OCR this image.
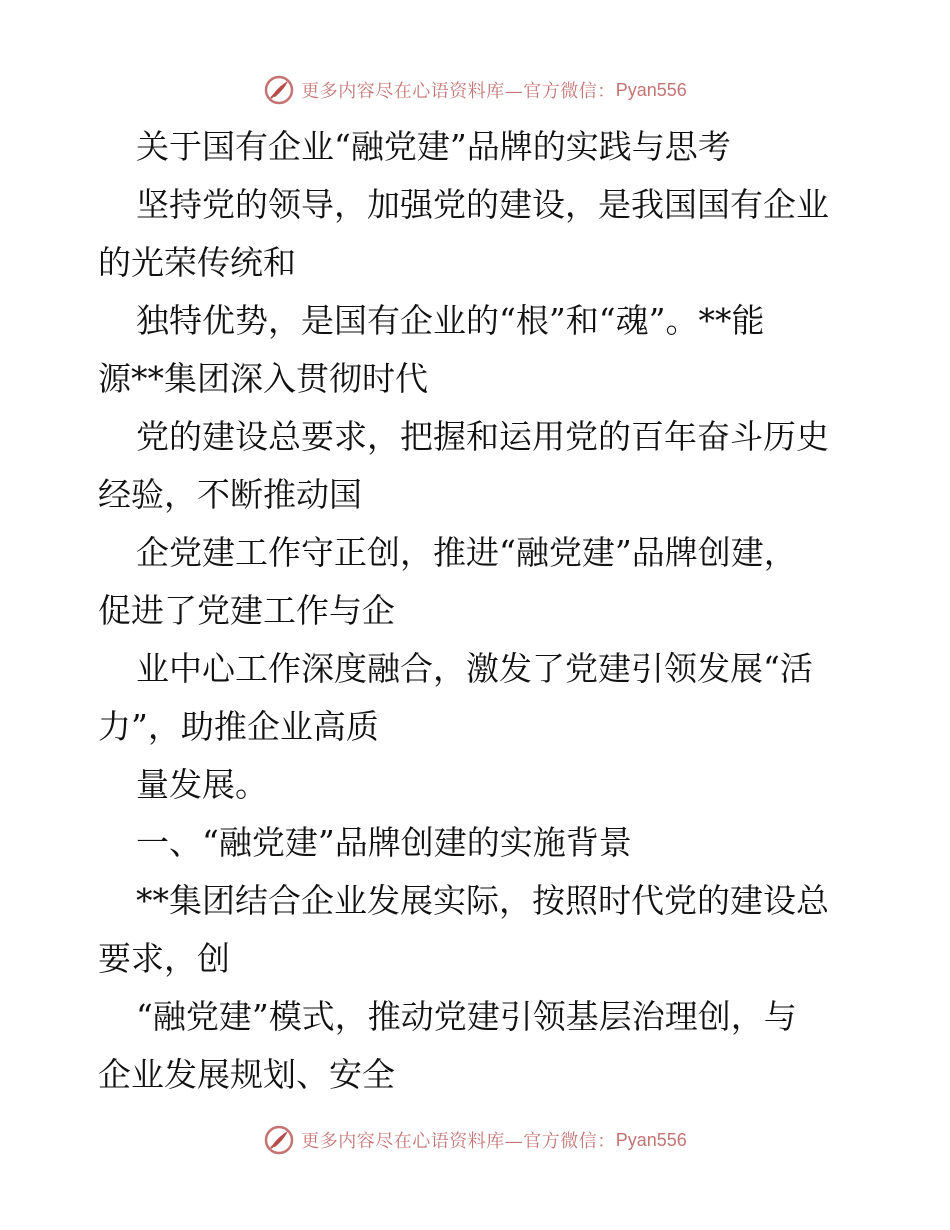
更多内容尽在心语资料库—官方微信： Pyan556
关于国有企业“融党建”品牌的实践与思考
坚持党的领导，加强党的建设，是我国国有企业
的光荣传统和
独特优势，是国有企业的“根”和“魂”。**能
源**集团深入贯彻时代
党的建设总要求，把握和运用党的百年奋斗历史
经验，不断推动国
企党建工作守正创，推进“融党建”品牌创建，
促进了党建工作与企
业中心工作深度融合，激发了党建引领发展“活
力”，助推企业高质
量发展。
一、“融党建”品牌创建的实施背景
**集团结合企业发展实际，按照时代党的建设总
要求，创
“融党建”模式，推动党建引领基层治理创，与
企业发展规划、安全
更多内容尽在心语资料库—官方微信： Pyan556
